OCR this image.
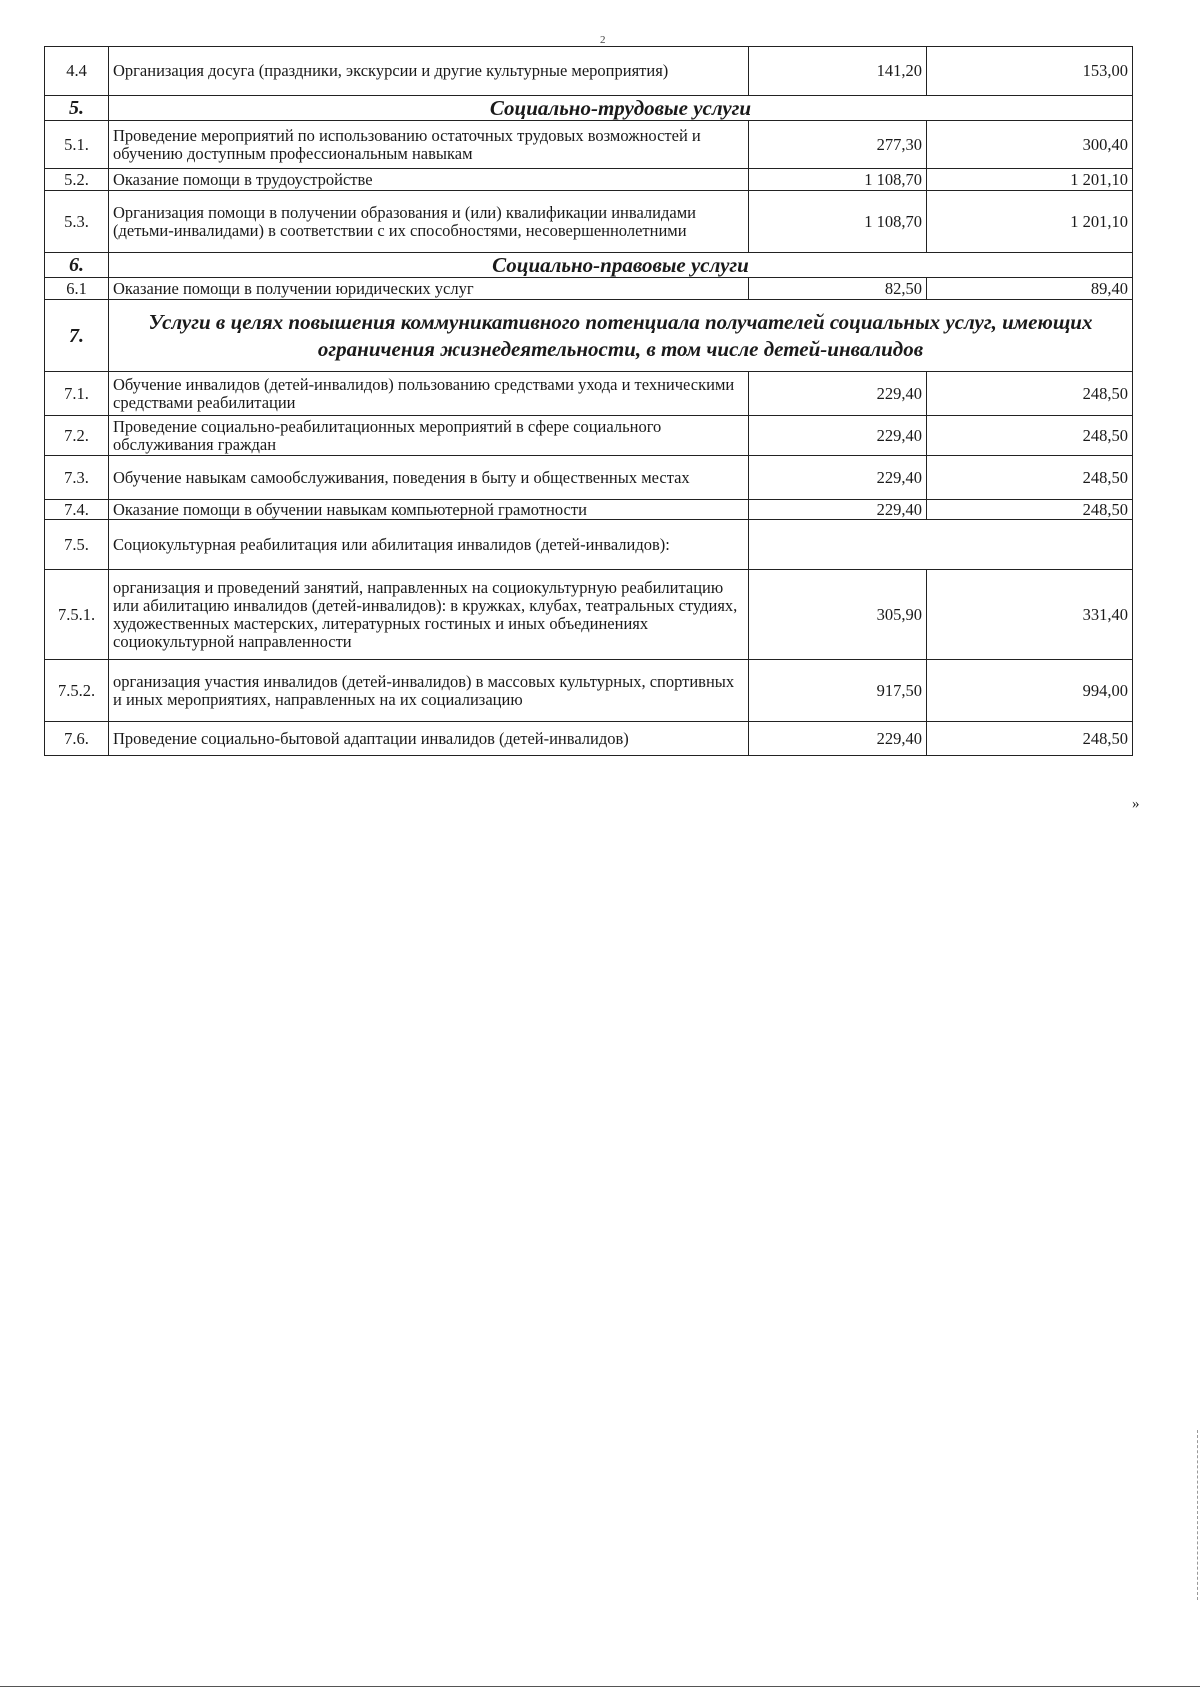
2
4.4	Организация досуга (праздники, экскурсии и другие культурные мероприятия)	141,20	153,00
5.	Социально-трудовые услуги		
5.1.	Проведение мероприятий по использованию остаточных трудовых возможностей и обучению доступным профессиональным навыкам	277,30	300,40
5.2.	Оказание помощи в трудоустройстве	1 108,70	1 201,10
5.3.	Организация помощи в получении образования и (или) квалификации инвалидами (детьми-инвалидами) в соответствии с их способностями, несовершеннолетними	1 108,70	1 201,10
6.	Социально-правовые услуги		
6.1	Оказание помощи в получении юридических услуг	82,50	89,40
7.	Услуги в целях повышения коммуникативного потенциала получателей социальных услуг, имеющих ограничения жизнедеятельности, в том числе детей-инвалидов		
7.1.	Обучение инвалидов (детей-инвалидов) пользованию средствами ухода и техническими средствами реабилитации	229,40	248,50
7.2.	Проведение социально-реабилитационных мероприятий в сфере социального обслуживания граждан	229,40	248,50
7.3.	Обучение навыкам самообслуживания, поведения в быту и общественных местах	229,40	248,50
7.4.	Оказание помощи в обучении навыкам компьютерной грамотности	229,40	248,50
7.5.	Социокультурная реабилитация или абилитация инвалидов (детей-инвалидов):		
7.5.1.	организация и проведений занятий, направленных на социокультурную реабилитацию или абилитацию инвалидов (детей-инвалидов): в кружках, клубах, театральных студиях, художественных мастерских, литературных гостиных и иных объединениях социокультурной направленности	305,90	331,40
7.5.2.	организация участия инвалидов (детей-инвалидов) в массовых культурных, спортивных и иных мероприятиях, направленных на их социализацию	917,50	994,00
7.6.	Проведение социально-бытовой адаптации инвалидов (детей-инвалидов)	229,40	248,50
»
